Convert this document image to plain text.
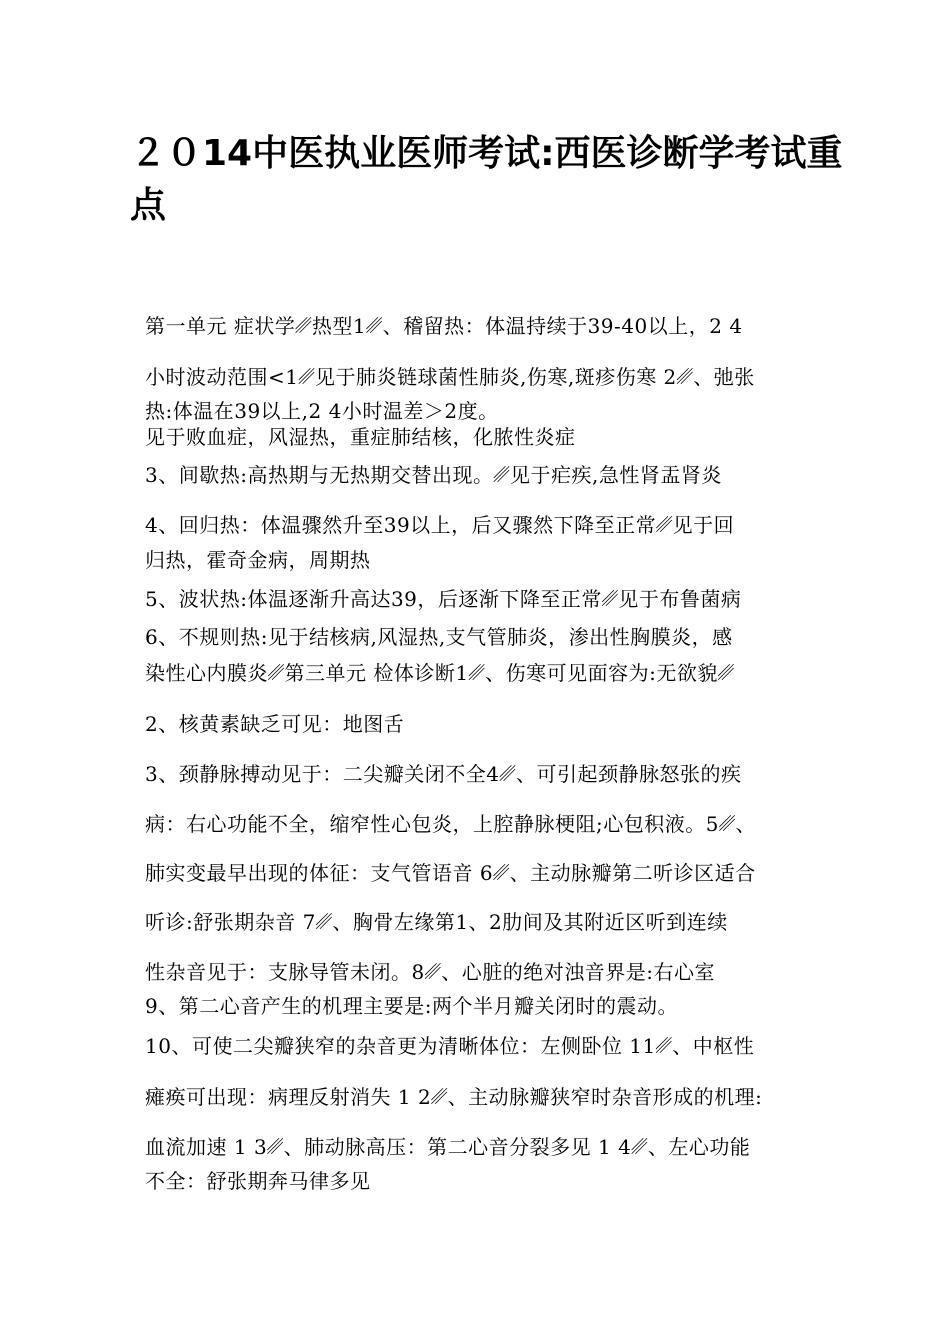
２０14中医执业医师考试:西医诊断学考试重点

第一单元 症状学␥热型1␥、稽留热：体温持续于39-40以上，2 4

小时波动范围<1␥见于肺炎链球菌性肺炎,伤寒,斑疹伤寒 2␥、弛张

热:体温在39以上,2 4小时温差＞2度。

见于败血症，风湿热，重症肺结核，化脓性炎症

3、间歇热:高热期与无热期交替出现。␥见于疟疾,急性肾盂肾炎

4、回归热：体温骤然升至39以上，后又骤然下降至正常␥见于回

归热，霍奇金病，周期热

5、波状热:体温逐渐升高达39，后逐渐下降至正常␥见于布鲁菌病

6、不规则热:见于结核病,风湿热,支气管肺炎，渗出性胸膜炎，感

染性心内膜炎␥第三单元 检体诊断1␥、伤寒可见面容为:无欲貌␥

2、核黄素缺乏可见：地图舌

3、颈静脉搏动见于：二尖瓣关闭不全4␥、可引起颈静脉怒张的疾

病：右心功能不全，缩窄性心包炎，上腔静脉梗阻;心包积液。5␥、

肺实变最早出现的体征：支气管语音 6␥、主动脉瓣第二听诊区适合

听诊:舒张期杂音 7␥、胸骨左缘第1、2肋间及其附近区听到连续

性杂音见于：支脉导管未闭。8␥、心脏的绝对浊音界是:右心室

9、第二心音产生的机理主要是:两个半月瓣关闭时的震动。

10、可使二尖瓣狭窄的杂音更为清晰体位：左侧卧位 11␥、中枢性

瘫痪可出现：病理反射消失 1 2␥、主动脉瓣狭窄时杂音形成的机理:

血流加速 1 3␥、肺动脉高压：第二心音分裂多见 1 4␥、左心功能

不全：舒张期奔马律多见
